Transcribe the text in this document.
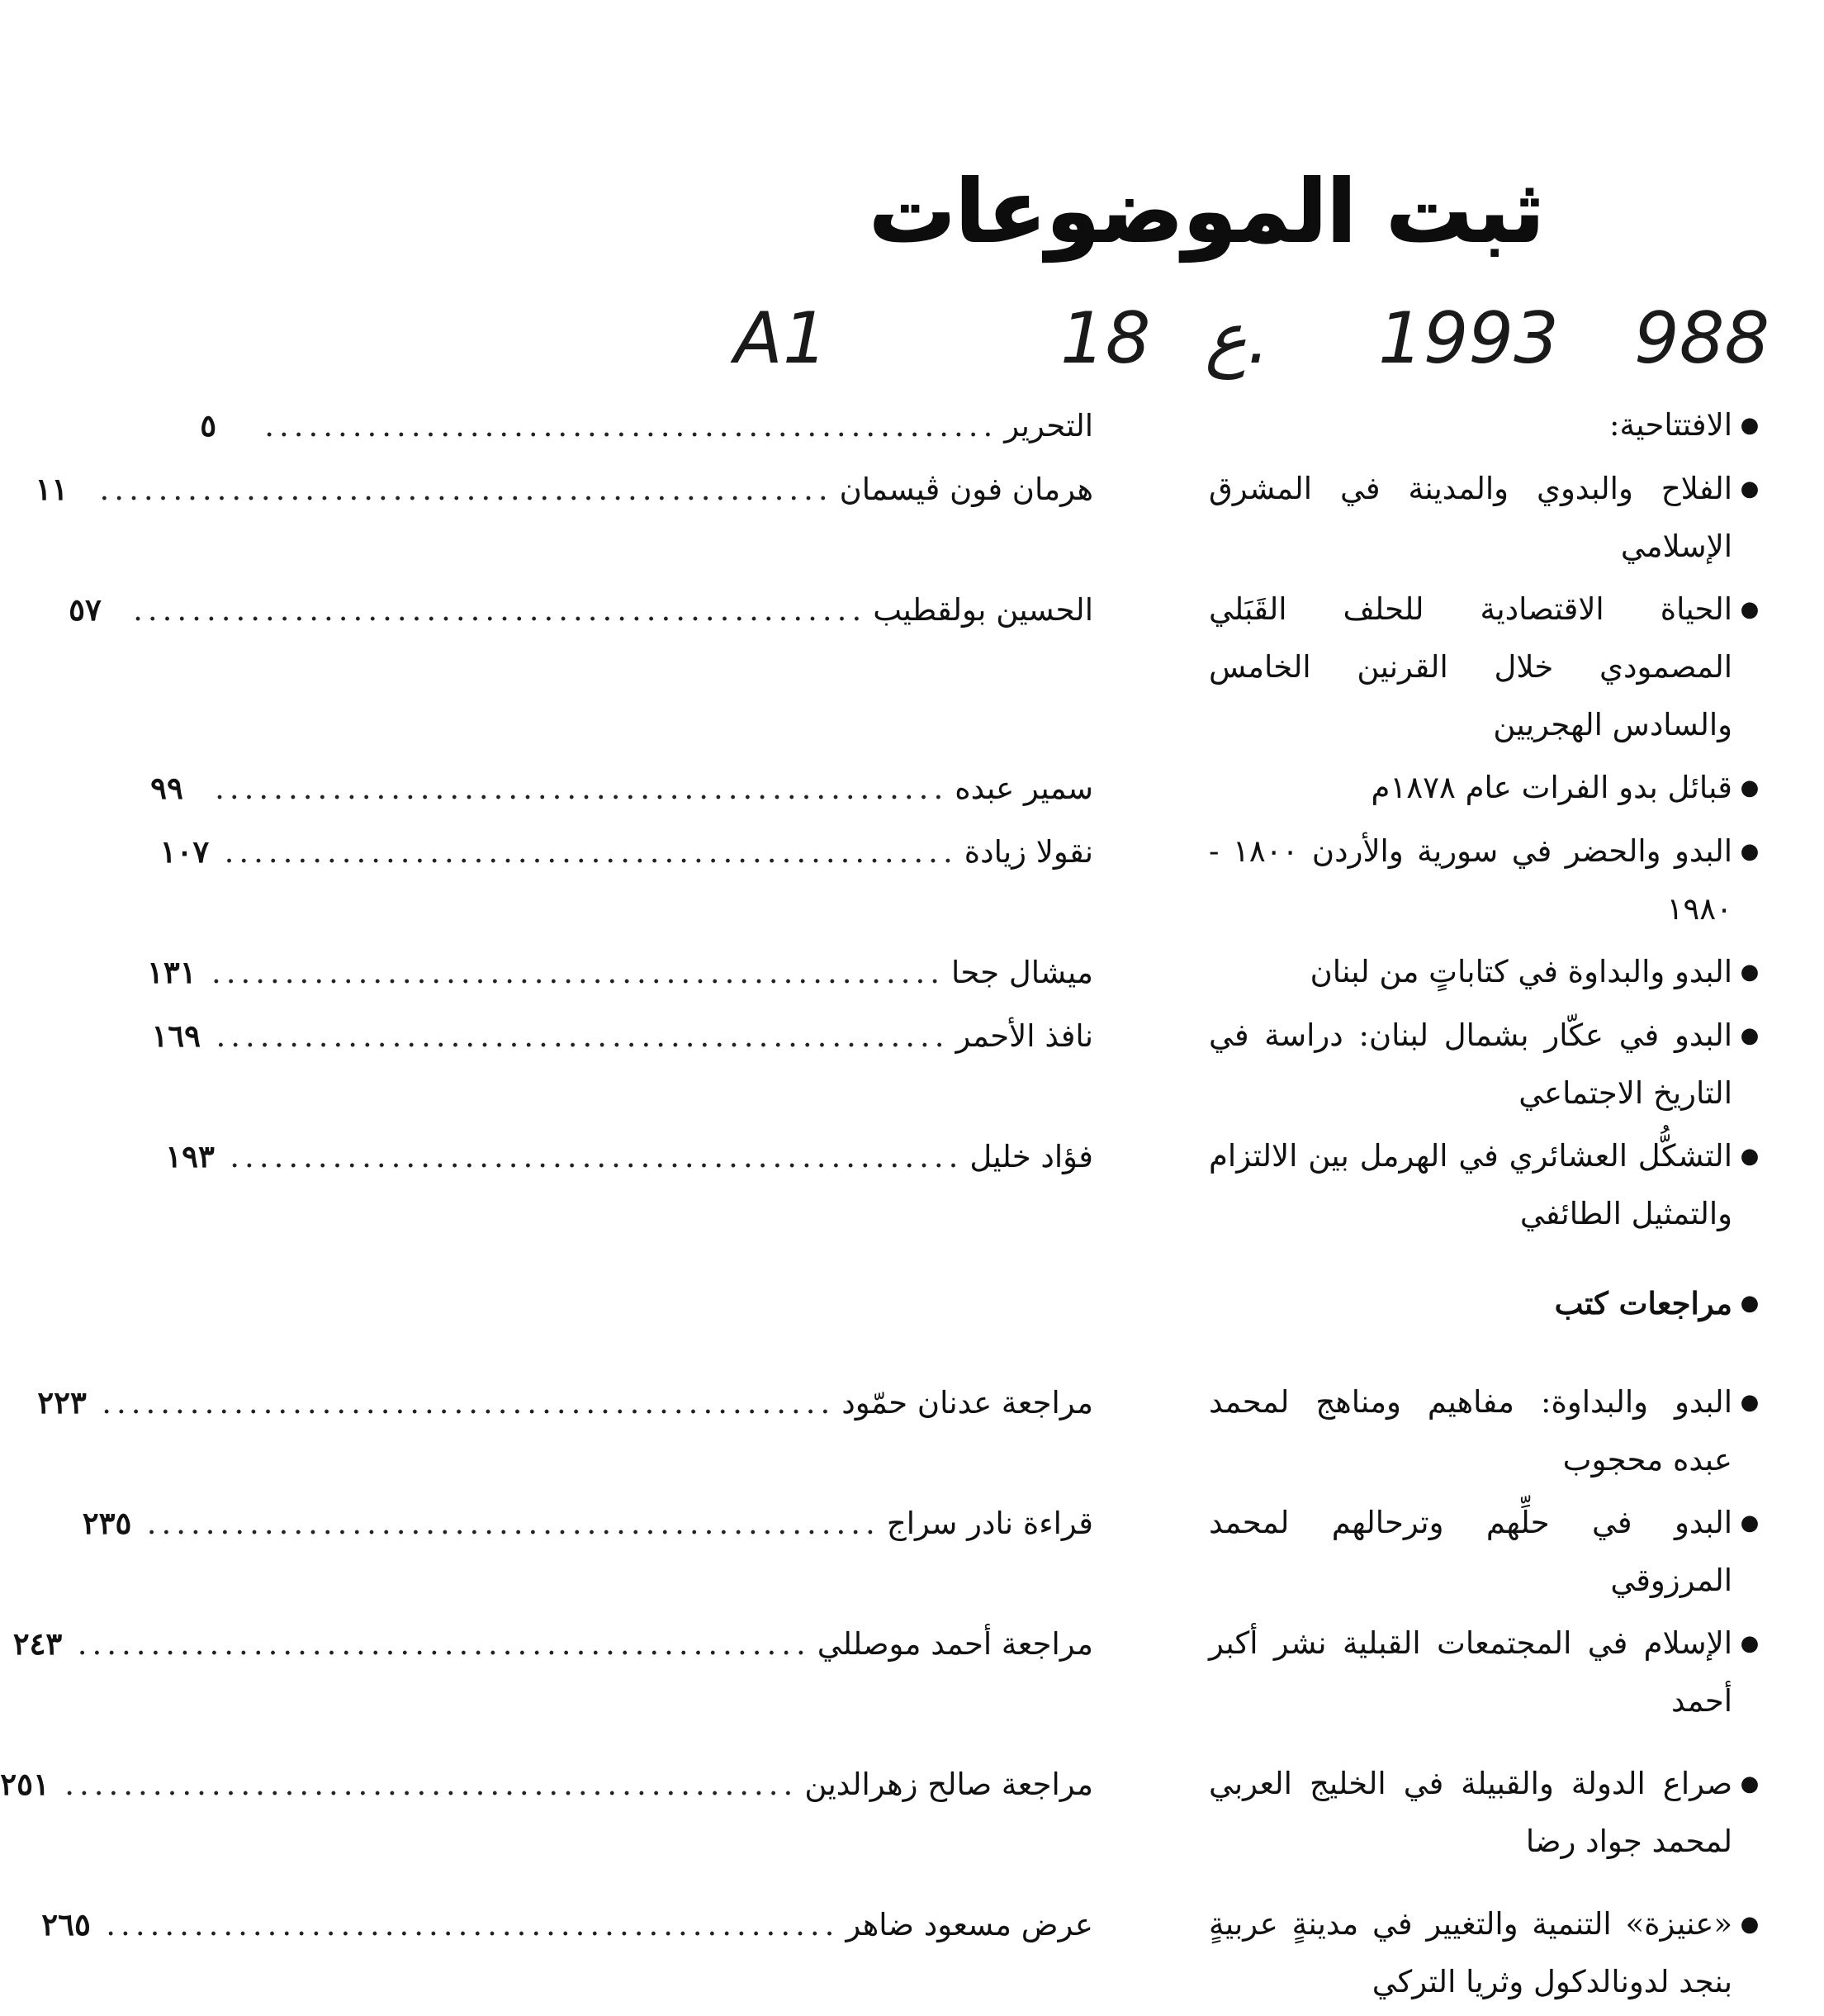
ثبت الموضوعات
988
1993
ع.
18
A1
●
الافتتاحية:
التحرير
..................................................
٥
●
الفلاح والبدوي والمدينة في المشرق الإسلامي
هرمان فون ڤيسمان
..................................................
١١
●
الحياة الاقتصادية للحلف القَبَلي المصمودي خلال القرنين الخامس والسادس الهجريين
الحسين بولقطيب
..................................................
٥٧
●
قبائل بدو الفرات عام ١٨٧٨م
سمير عبده
..................................................
٩٩
●
البدو والحضر في سورية والأردن ١٨٠٠ - ١٩٨٠
نقولا زيادة
..................................................
١٠٧
●
البدو والبداوة في كتاباتٍ من لبنان
ميشال جحا
..................................................
١٣١
●
البدو في عكّار بشمال لبنان: دراسة في التاريخ الاجتماعي
نافذ الأحمر
..................................................
١٦٩
●
التشكُّل العشائري في الهرمل بين الالتزام والتمثيل الطائفي
فؤاد خليل
..................................................
١٩٣
●
مراجعات كتب
●
البدو والبداوة: مفاهيم ومناهج لمحمد عبده محجوب
مراجعة عدنان حمّود
..................................................
٢٢٣
●
البدو في حلِّهم وترحالهم لمحمد المرزوقي
قراءة نادر سراج
..................................................
٢٣٥
●
الإسلام في المجتمعات القبلية نشر أكبر أحمد
مراجعة أحمد موصللي
..................................................
٢٤٣
●
صراع الدولة والقبيلة في الخليج العربي لمحمد جواد رضا
مراجعة صالح زهرالدين
..................................................
٢٥١
●
«عنيزة» التنمية والتغيير في مدينةٍ عربيةٍ بنجد لدونالدكول وثريا التركي
عرض مسعود ضاهر
..................................................
٢٦٥
